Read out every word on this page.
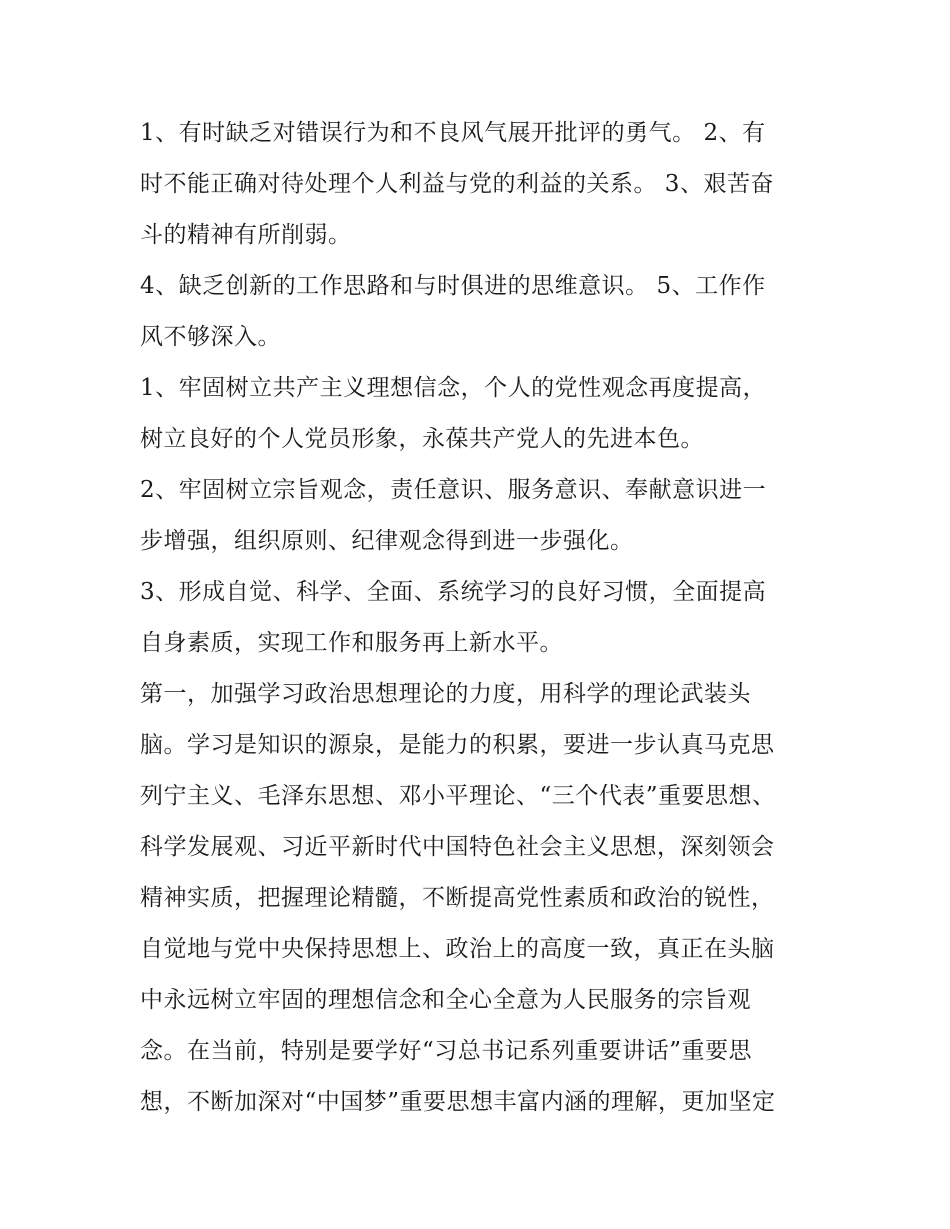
1、有时缺乏对错误行为和不良风气展开批评的勇气。 2、有
时不能正确对待处理个人利益与党的利益的关系。 3、艰苦奋
斗的精神有所削弱。
4、缺乏创新的工作思路和与时俱进的思维意识。 5、工作作
风不够深入。
1、牢固树立共产主义理想信念，个人的党性观念再度提高，
树立良好的个人党员形象，永葆共产党人的先进本色。
2、牢固树立宗旨观念，责任意识、服务意识、奉献意识进一
步增强，组织原则、纪律观念得到进一步强化。
3、形成自觉、科学、全面、系统学习的良好习惯，全面提高
自身素质，实现工作和服务再上新水平。
第一，加强学习政治思想理论的力度，用科学的理论武装头
脑。学习是知识的源泉，是能力的积累，要进一步认真马克思
列宁主义、毛泽东思想、邓小平理论、“三个代表”重要思想、
科学发展观、习近平新时代中国特色社会主义思想，深刻领会
精神实质，把握理论精髓，不断提高党性素质和政治的锐性，
自觉地与党中央保持思想上、政治上的高度一致，真正在头脑
中永远树立牢固的理想信念和全心全意为人民服务的宗旨观
念。在当前，特别是要学好“习总书记系列重要讲话”重要思
想，不断加深对“中国梦”重要思想丰富内涵的理解，更加坚定
